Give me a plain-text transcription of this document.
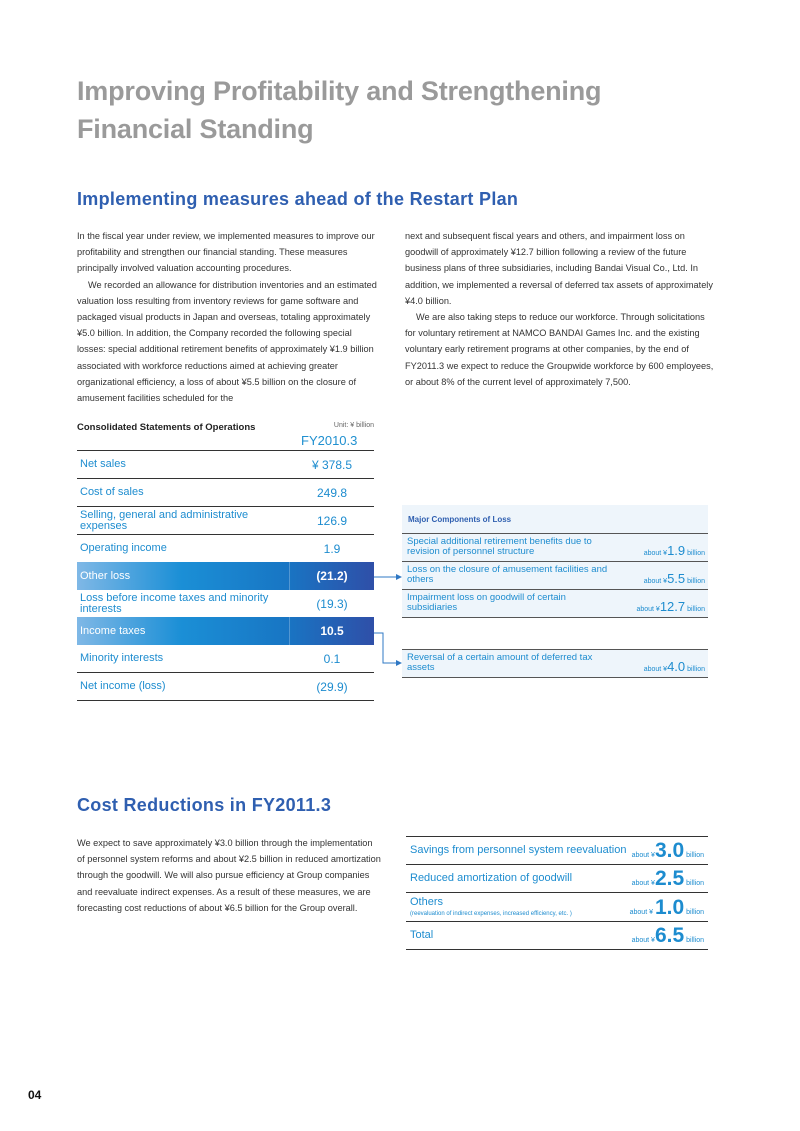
Improving Profitability and Strengthening
Financial Standing
Implementing measures ahead of the Restart Plan

In the fiscal year under review, we implemented measures to improve our profitability and strengthen our financial standing. These measures principally involved valuation accounting procedures.

We recorded an allowance for distribution inventories and an estimated valuation loss resulting from inventory reviews for game software and packaged visual products in Japan and overseas, totaling approximately ¥5.0 billion. In addition, the Company recorded the following special losses: special additional retirement benefits of approximately ¥1.9 billion associated with workforce reductions aimed at achieving greater organizational efficiency, a loss of about ¥5.5 billion on the closure of amusement facilities scheduled for the

next and subsequent fiscal years and others, and impairment loss on goodwill of approximately ¥12.7 billion following a review of the future business plans of three subsidiaries, including Bandai Visual Co., Ltd. In addition, we implemented a reversal of deferred tax assets of approximately ¥4.0 billion.

We are also taking steps to reduce our workforce. Through solicitations for voluntary retirement at NAMCO BANDAI Games Inc. and the existing voluntary early retirement programs at other companies, by the end of FY2011.3 we expect to reduce the Groupwide workforce by 600 employees, or about 8% of the current level of approximately 7,500.

Consolidated Statements of Operations	Unit: ¥ billion
FY2010.3
Net sales	¥ 378.5
Cost of sales	249.8
Selling, general and administrative expenses	126.9
Operating income	1.9
Other loss	(21.2)
Loss before income taxes and minority interests	(19.3)
Income taxes	10.5
Minority interests	0.1
Net income (loss)	(29.9)
Major Components of Loss
Special additional retirement benefits due to revision of personnel structure	about ¥1.9 billion
Loss on the closure of amusement facilities and others	about ¥5.5 billion
Impairment loss on goodwill of certain subsidiaries	about ¥12.7 billion
Reversal of a certain amount of deferred tax assets	about ¥4.0 billion
Cost Reductions in FY2011.3

We expect to save approximately ¥3.0 billion through the implementation of personnel system reforms and about ¥2.5 billion in reduced amortization through the goodwill. We will also pursue efficiency at Group companies and reevaluate indirect expenses. As a result of these measures, we are forecasting cost reductions of about ¥6.5 billion for the Group overall.

Savings from personnel system reevaluation about ¥3.0 billion
Reduced amortization of goodwill	about ¥2.5 billion
Others
(reevaluation of indirect expenses, increased efficiency, etc. )	about ¥ 1.0 billion
Total	about ¥6.5 billion
04
